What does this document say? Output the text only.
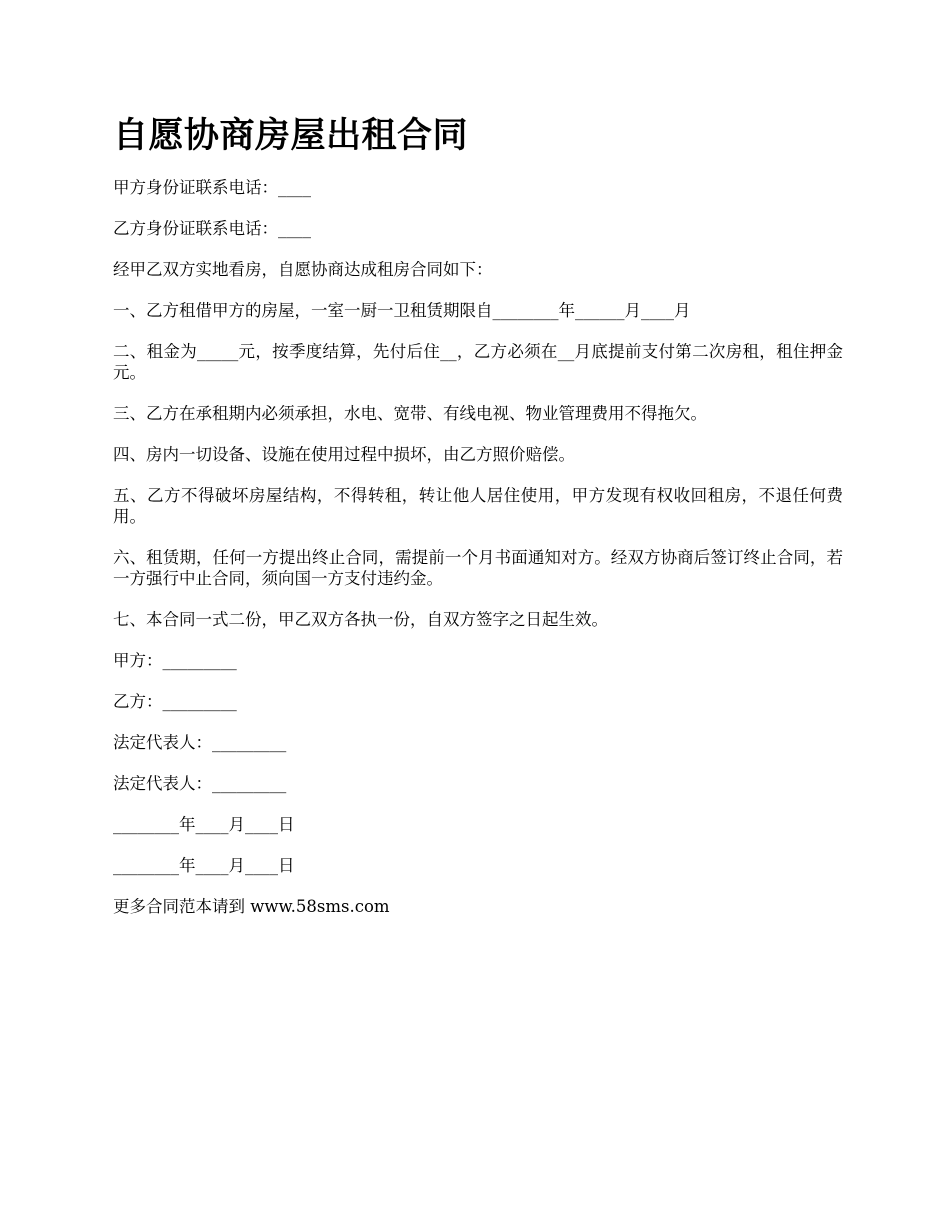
自愿协商房屋出租合同

甲方身份证联系电话：____

乙方身份证联系电话：____

经甲乙双方实地看房，自愿协商达成租房合同如下：

一、乙方租借甲方的房屋，一室一厨一卫租赁期限自________年______月____月

二、租金为_____元，按季度结算，先付后住__，乙方必须在__月底提前支付第二次房租，租住押金元。

三、乙方在承租期内必须承担，水电、宽带、有线电视、物业管理费用不得拖欠。

四、房内一切设备、设施在使用过程中损坏，由乙方照价赔偿。

五、乙方不得破坏房屋结构，不得转租，转让他人居住使用，甲方发现有权收回租房，不退任何费用。

六、租赁期，任何一方提出终止合同，需提前一个月书面通知对方。经双方协商后签订终止合同，若一方强行中止合同，须向国一方支付违约金。

七、本合同一式二份，甲乙双方各执一份，自双方签字之日起生效。

甲方：_________

乙方：_________

法定代表人：_________

法定代表人：_________

________年____月____日

________年____月____日

更多合同范本请到 www.58sms.com
